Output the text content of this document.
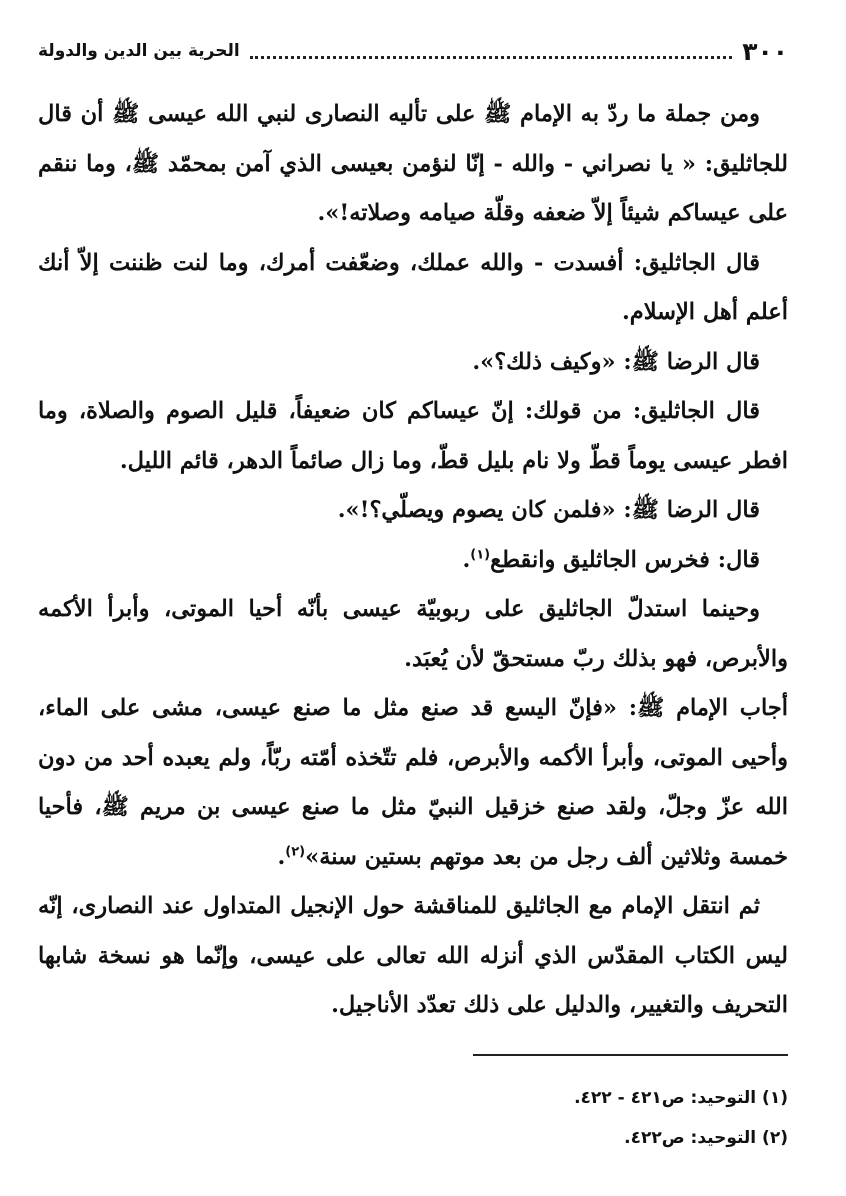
٣٠٠
الحرية بين الدين والدولة

ومن جملة ما ردّ به الإمام ﷺ على تأليه النصارى لنبي الله عيسى ﷺ أن قال للجاثليق: « يا نصراني - والله - إنّا لنؤمن بعيسى الذي آمن بمحمّد ﷺ، وما ننقم على عيساكم شيئاً إلاّ ضعفه وقلّة صيامه وصلاته!».

قال الجاثليق: أفسدت - والله عملك، وضعّفت أمرك، وما لنت ظننت إلاّ أنك أعلم أهل الإسلام.

قال الرضا ﷺ: «وكيف ذلك؟».

قال الجاثليق: من قولك: إنّ عيساكم كان ضعيفاً، قليل الصوم والصلاة، وما افطر عيسى يوماً قطّ ولا نام بليل قطّ، وما زال صائماً الدهر، قائم الليل.

قال الرضا ﷺ: «فلمن كان يصوم ويصلّي؟!».

قال: فخرس الجاثليق وانقطع$^{(١)}$.

وحينما استدلّ الجاثليق على ربوبيّة عيسى بأنّه أحيا الموتى، وأبرأ الأكمه والأبرص، فهو بذلك ربّ مستحقّ لأن يُعبَد.

أجاب الإمام ﷺ: «فإنّ اليسع قد صنع مثل ما صنع عيسى، مشى على الماء، وأحيى الموتى، وأبرأ الأكمه والأبرص، فلم تتّخذه أمّته ربّاً، ولم يعبده أحد من دون الله عزّ وجلّ، ولقد صنع خزقيل النبيّ مثل ما صنع عيسى بن مريم ﷺ، فأحيا خمسة وثلاثين ألف رجل من بعد موتهم بستين سنة»$^{(٢)}$.

ثم انتقل الإمام مع الجاثليق للمناقشة حول الإنجيل المتداول عند النصارى، إنّه ليس الكتاب المقدّس الذي أنزله الله تعالى على عيسى، وإنّما هو نسخة شابها التحريف والتغيير، والدليل على ذلك تعدّد الأناجيل.

(١) التوحيد: ص٤٢١ - ٤٢٢.

(٢) التوحيد: ص٤٢٢.
